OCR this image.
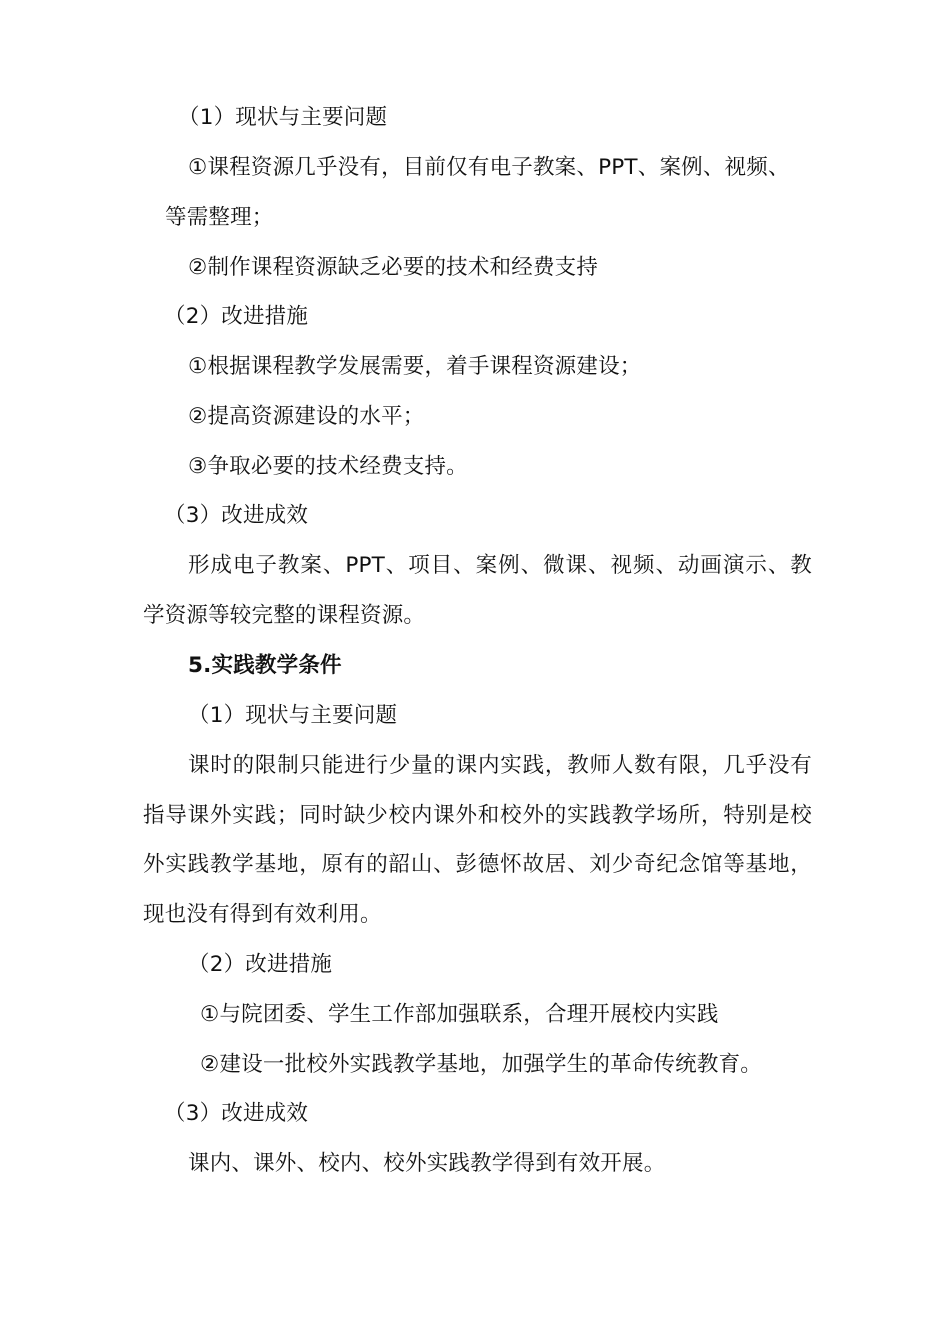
（1）现状与主要问题

①课程资源几乎没有，目前仅有电子教案、PPT、案例、视频、

等需整理；

②制作课程资源缺乏必要的技术和经费支持

（2）改进措施

①根据课程教学发展需要，着手课程资源建设；

②提高资源建设的水平；

③争取必要的技术经费支持。

（3）改进成效

形成电子教案、PPT、项目、案例、微课、视频、动画演示、教

学资源等较完整的课程资源。

5.实践教学条件

（1）现状与主要问题

课时的限制只能进行少量的课内实践，教师人数有限，几乎没有

指导课外实践；同时缺少校内课外和校外的实践教学场所，特别是校

外实践教学基地，原有的韶山、彭德怀故居、刘少奇纪念馆等基地，

现也没有得到有效利用。

（2）改进措施

①与院团委、学生工作部加强联系，合理开展校内实践

②建设一批校外实践教学基地，加强学生的革命传统教育。

（3）改进成效

课内、课外、校内、校外实践教学得到有效开展。
